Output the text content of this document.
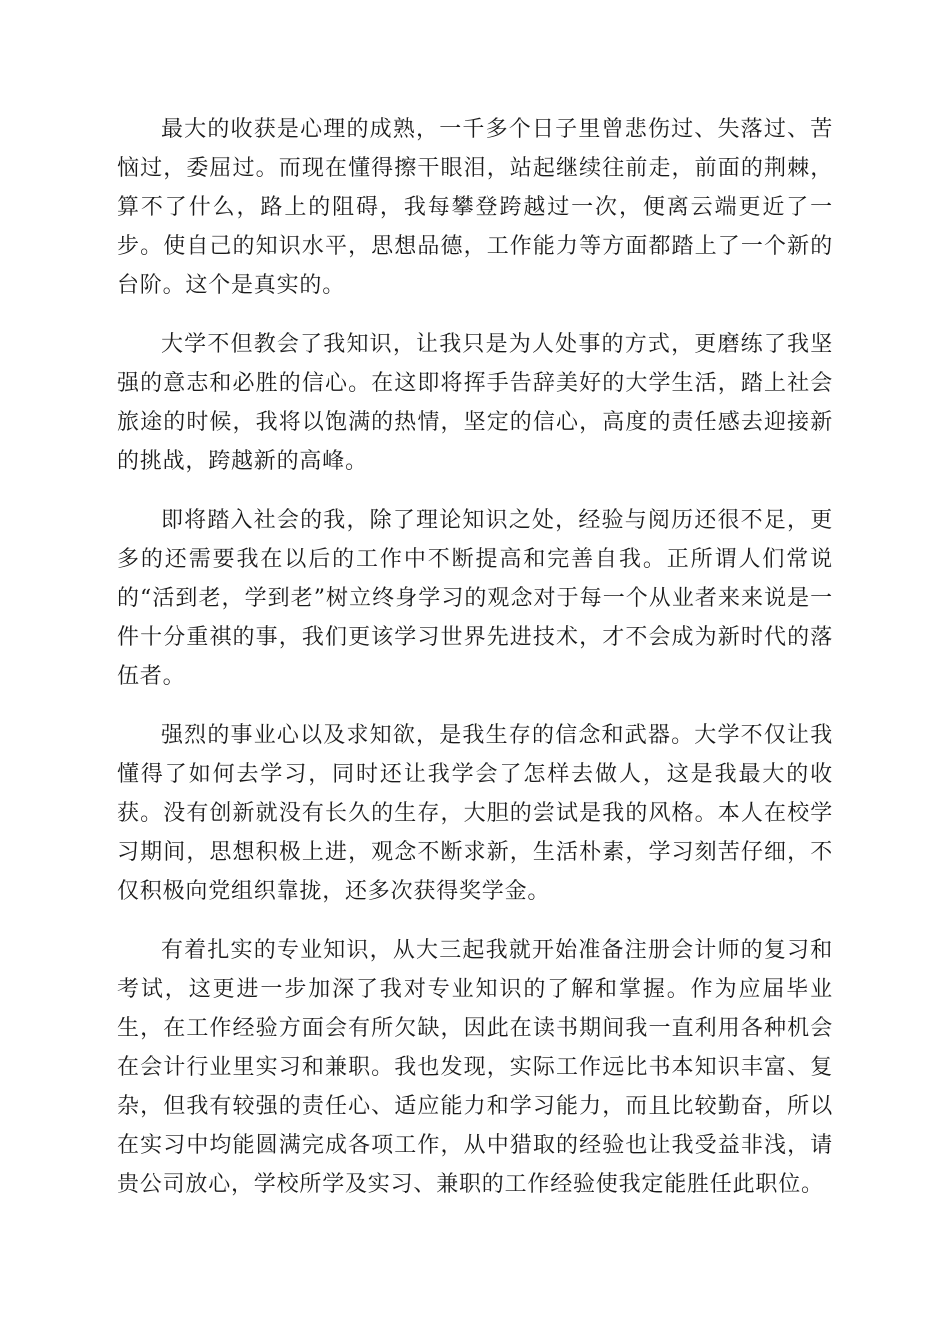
最大的收获是心理的成熟，一千多个日子里曾悲伤过、失落过、苦恼过，委屈过。而现在懂得擦干眼泪，站起继续往前走，前面的荆棘，算不了什么，路上的阻碍，我每攀登跨越过一次，便离云端更近了一步。使自己的知识水平，思想品德，工作能力等方面都踏上了一个新的台阶。这个是真实的。

大学不但教会了我知识，让我只是为人处事的方式，更磨练了我坚强的意志和必胜的信心。在这即将挥手告辞美好的大学生活，踏上社会旅途的时候，我将以饱满的热情，坚定的信心，高度的责任感去迎接新的挑战，跨越新的高峰。

即将踏入社会的我，除了理论知识之处，经验与阅历还很不足，更多的还需要我在以后的工作中不断提高和完善自我。正所谓人们常说的“活到老，学到老”树立终身学习的观念对于每一个从业者来来说是一件十分重祺的事，我们更该学习世界先进技术，才不会成为新时代的落伍者。

强烈的事业心以及求知欲，是我生存的信念和武器。大学不仅让我懂得了如何去学习，同时还让我学会了怎样去做人，这是我最大的收获。没有创新就没有长久的生存，大胆的尝试是我的风格。本人在校学习期间，思想积极上进，观念不断求新，生活朴素，学习刻苦仔细，不仅积极向党组织靠拢，还多次获得奖学金。

有着扎实的专业知识，从大三起我就开始准备注册会计师的复习和考试，这更进一步加深了我对专业知识的了解和掌握。作为应届毕业生，在工作经验方面会有所欠缺，因此在读书期间我一直利用各种机会在会计行业里实习和兼职。我也发现，实际工作远比书本知识丰富、复杂，但我有较强的责任心、适应能力和学习能力，而且比较勤奋，所以在实习中均能圆满完成各项工作，从中猎取的经验也让我受益非浅，请贵公司放心，学校所学及实习、兼职的工作经验使我定能胜任此职位。
